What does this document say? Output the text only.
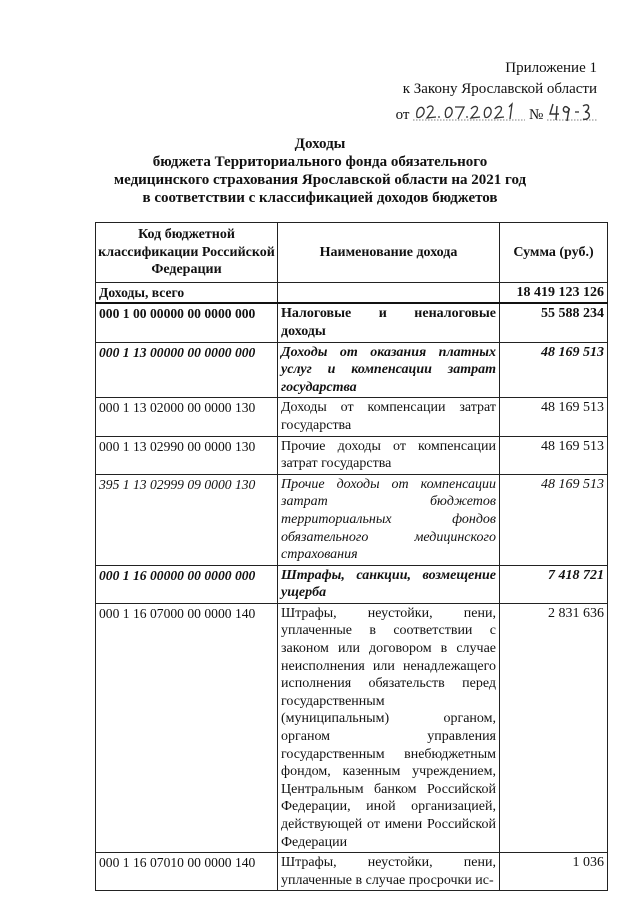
Приложение 1
к Закону Ярославской области
от	№
Доходы
бюджета Территориального фонда обязательного
медицинского страхования Ярославской области на 2021 год
в соответствии с классификацией доходов бюджетов
Код бюджетной классификации Российской Федерации	Наименование дохода	Сумма (руб.)
Доходы, всего		18 419 123 126
000 1 00 00000 00 0000 000	Налоговые и неналоговые доходы	55 588 234
000 1 13 00000 00 0000 000	Доходы от оказания платных услуг и компенсации затрат государства	48 169 513
000 1 13 02000 00 0000 130	Доходы от компенсации затрат государства	48 169 513
000 1 13 02990 00 0000 130	Прочие доходы от компенсации затрат государства	48 169 513
395 1 13 02999 09 0000 130	Прочие доходы от компенсации затрат бюджетов территориальных фондов обязательного медицинского страхования	48 169 513
000 1 16 00000 00 0000 000	Штрафы, санкции, возмещение ущерба	7 418 721
000 1 16 07000 00 0000 140	Штрафы, неустойки, пени, уплаченные в соответствии с законом или договором в случае неисполнения или ненадлежащего исполнения обязательств перед государственным (муниципальным) органом, органом управления государственным внебюджетным фондом, казенным учреждением, Центральным банком Российской Федерации, иной организацией, действующей от имени Российской Федерации	2 831 636
000 1 16 07010 00 0000 140	Штрафы, неустойки, пени, уплаченные в случае просрочки ис-	1 036
